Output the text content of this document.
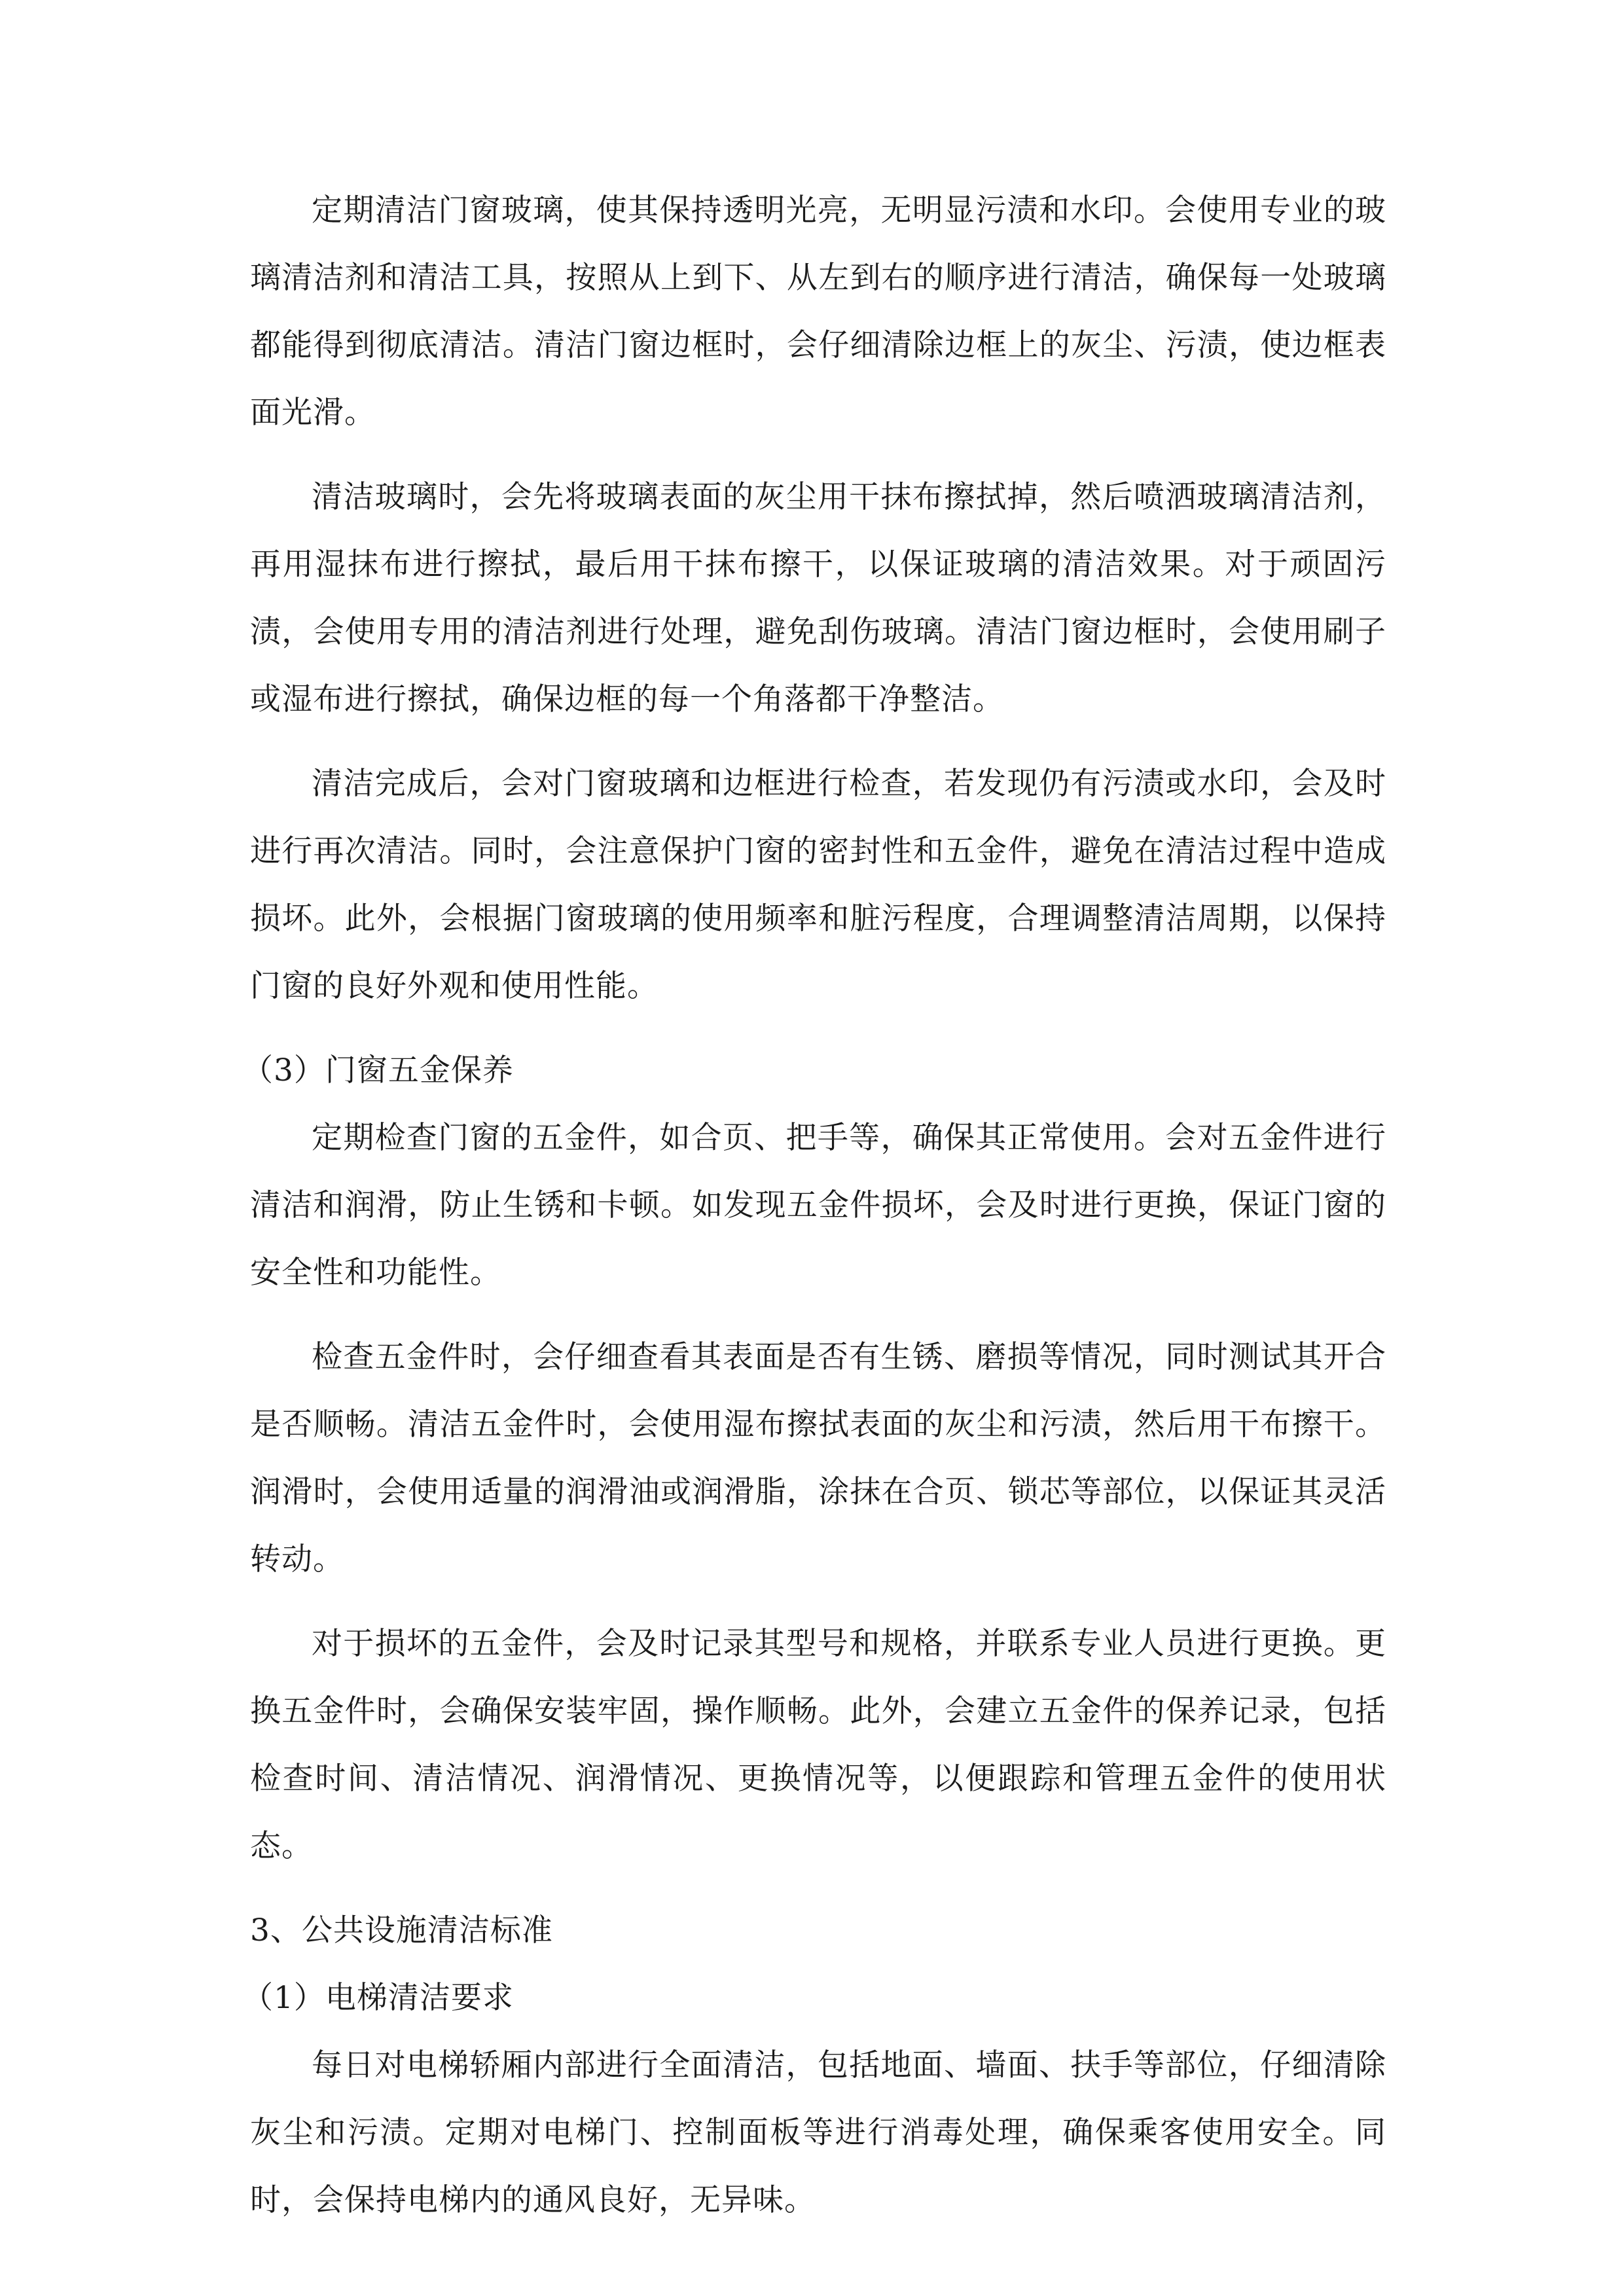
定期清洁门窗玻璃，使其保持透明光亮，无明显污渍和水印。会使用专业的玻璃清洁剂和清洁工具，按照从上到下、从左到右的顺序进行清洁，确保每一处玻璃都能得到彻底清洁。清洁门窗边框时，会仔细清除边框上的灰尘、污渍，使边框表面光滑。

清洁玻璃时，会先将玻璃表面的灰尘用干抹布擦拭掉，然后喷洒玻璃清洁剂，再用湿抹布进行擦拭，最后用干抹布擦干，以保证玻璃的清洁效果。对于顽固污渍，会使用专用的清洁剂进行处理，避免刮伤玻璃。清洁门窗边框时，会使用刷子或湿布进行擦拭，确保边框的每一个角落都干净整洁。

清洁完成后，会对门窗玻璃和边框进行检查，若发现仍有污渍或水印，会及时进行再次清洁。同时，会注意保护门窗的密封性和五金件，避免在清洁过程中造成损坏。此外，会根据门窗玻璃的使用频率和脏污程度，合理调整清洁周期，以保持门窗的良好外观和使用性能。

（3）门窗五金保养

定期检查门窗的五金件，如合页、把手等，确保其正常使用。会对五金件进行清洁和润滑，防止生锈和卡顿。如发现五金件损坏，会及时进行更换，保证门窗的安全性和功能性。

检查五金件时，会仔细查看其表面是否有生锈、磨损等情况，同时测试其开合是否顺畅。清洁五金件时，会使用湿布擦拭表面的灰尘和污渍，然后用干布擦干。润滑时，会使用适量的润滑油或润滑脂，涂抹在合页、锁芯等部位，以保证其灵活转动。

对于损坏的五金件，会及时记录其型号和规格，并联系专业人员进行更换。更换五金件时，会确保安装牢固，操作顺畅。此外，会建立五金件的保养记录，包括检查时间、清洁情况、润滑情况、更换情况等，以便跟踪和管理五金件的使用状态。

3、公共设施清洁标准

（1）电梯清洁要求

每日对电梯轿厢内部进行全面清洁，包括地面、墙面、扶手等部位，仔细清除灰尘和污渍。定期对电梯门、控制面板等进行消毒处理，确保乘客使用安全。同时，会保持电梯内的通风良好，无异味。
